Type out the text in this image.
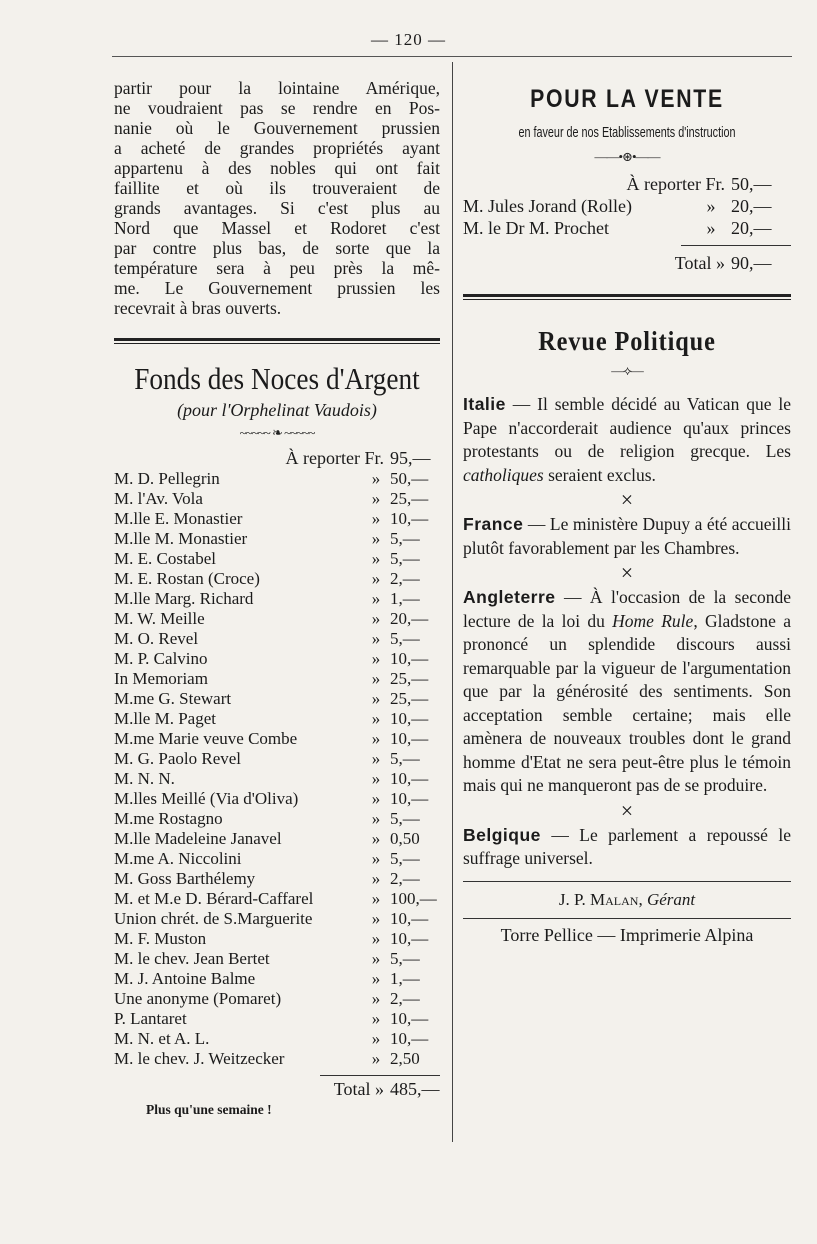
— 120 —
partir pour la lointaine Amérique,
ne voudraient pas se rendre en Pos-
nanie où le Gouvernement prussien
a acheté de grandes propriétés ayant
appartenu à des nobles qui ont fait
faillite et où ils trouveraient de
grands avantages. Si c'est plus au
Nord que Massel et Rodoret c'est
par contre plus bas, de sorte que la
température sera à peu près la mê-
me. Le Gouvernement prussien les
recevrait à bras ouverts.
Fonds des Noces d'Argent
(pour l'Orphelinat Vaudois)
~~~~~ ❧ ~~~~~
À reporter Fr. 95,—
M. D. Pellegrin	» 50,—
M. l'Av. Vola	» 25,—
M.lle E. Monastier	» 10,—
M.lle M. Monastier	» 5,—
M. E. Costabel	» 5,—
M. E. Rostan (Croce)	» 2,—
M.lle Marg. Richard	» 1,—
M. W. Meille	» 20,—
M. O. Revel	» 5,—
M. P. Calvino	» 10,—
In Memoriam	» 25,—
M.me G. Stewart	» 25,—
M.lle M. Paget	» 10,—
M.me Marie veuve Combe	» 10,—
M. G. Paolo Revel	» 5,—
M. N. N.	» 10,—
M.lles Meillé (Via d'Oliva)	» 10,—
M.me Rostagno	» 5,—
M.lle Madeleine Janavel	» 0,50
M.me A. Niccolini	» 5,—
M. Goss Barthélemy	» 2,—
M. et M.e D. Bérard-Caffarel	» 100,—
Union chrét. de S.Marguerite	» 10,—
M. F. Muston	» 10,—
M. le chev. Jean Bertet	» 5,—
M. J. Antoine Balme	» 1,—
Une anonyme (Pomaret)	» 2,—
P. Lantaret	» 10,—
M. N. et A. L.	» 10,—
M. le chev. J. Weitzecker	» 2,50
Total » 485,—
Plus qu'une semaine !
POUR LA VENTE
en faveur de nos Etablissements d'instruction
——•⊛•——
À reporter Fr. 50,—
M. Jules Jorand (Rolle)	» 20,—
M. le Dr M. Prochet	» 20,—
Total » 90,—
Revue Politique
—⟡—

Italie — Il semble décidé au Vatican que le Pape n'accorderait audience qu'aux princes protestants ou de religion grecque. Les catholiques seraient exclus.

×

France — Le ministère Dupuy a été accueilli plutôt favorablement par les Chambres.

×

Angleterre — À l'occasion de la seconde lecture de la loi du Home Rule, Gladstone a prononcé un splendide discours aussi remarquable par la vigueur de l'argumentation que par la générosité des sentiments. Son acceptation semble certaine; mais elle amènera de nouveaux troubles dont le grand homme d'Etat ne sera peut-être plus le témoin mais qui ne manqueront pas de se produire.

×

Belgique — Le parlement a repoussé le suffrage universel.

J. P. Malan, Gérant
Torre Pellice — Imprimerie Alpina
